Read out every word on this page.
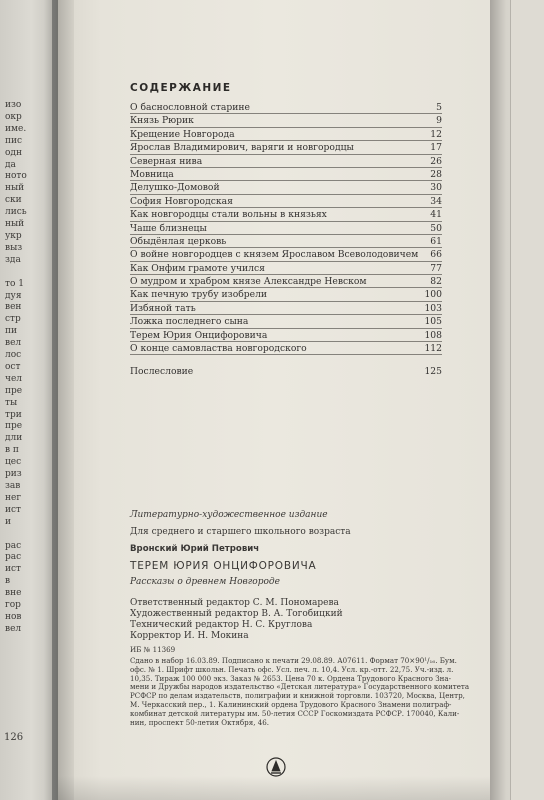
изо
окр
име.
пис
одн
да
ното
ный
ски
лись
ный
укр
выз
зда

то 1
дуя
вен
стр
пи
вел
лос
ост
чел
пре
ты
три
пре
дли
в п
цес
риз
зав
нег
ист
и

рас
рас
ист
в
вне
гор
нов
вел
126
СОДЕРЖАНИЕ
О баснословной старине	5
Князь Рюрик	9
Крещение Новгорода	12
Ярослав Владимирович, варяги и новгородцы	17
Северная нива	26
Мовница	28
Делушко-Домовой	30
София Новгородская	34
Как новгородцы стали вольны в князьях	41
Чаше близнецы	50
Обыдёнлая церковь	61
О войне новгородцев с князем Ярославом Всеволодовичем 66
Как Онфим грамоте учился	77
О мудром и храбром князе Александре Невском	82
Как печную трубу изобрели	100
Избяной тать	103
Ложка последнего сына	105
Терем Юрия Онцифоровича	108
О конце самовластва новгородского	112
Послесловие	125
Литературно-художественное издание
Для среднего и старшего школьного возраста
Вронский Юрий Петрович
ТЕРЕМ ЮРИЯ ОНЦИФОРОВИЧА
Рассказы о древнем Новгороде
Ответственный редактор С. М. Пономарева
Художественный редактор В. А. Тогобицкий
Технический редактор Н. С. Круглова
Корректор И. Н. Мокина
ИБ № 11369
Сдано в набор 16.03.89. Подписано к печати 29.08.89. А07611. Формат 70×90¹/₁₆. Бум.
офс. № 1. Шрифт школьн. Печать офс. Усл. печ. л. 10,4. Усл. кр.-отт. 22,75. Уч.-изд. л.
10,35. Тираж 100 000 экз. Заказ № 2653. Цена 70 к. Ордена Трудового Красного Зна-
мени и Дружбы народов издательство «Детская литература» Государственного комитета
РСФСР по делам издательств, полиграфии и книжной торговли. 103720, Москва, Центр,
М. Черкасский пер., 1. Калининский ордена Трудового Красного Знамени полиграф-
комбинат детской литературы им. 50-летия СССР Госкомиздата РСФСР. 170040, Кали-
нин, проспект 50-летия Октября, 46.
